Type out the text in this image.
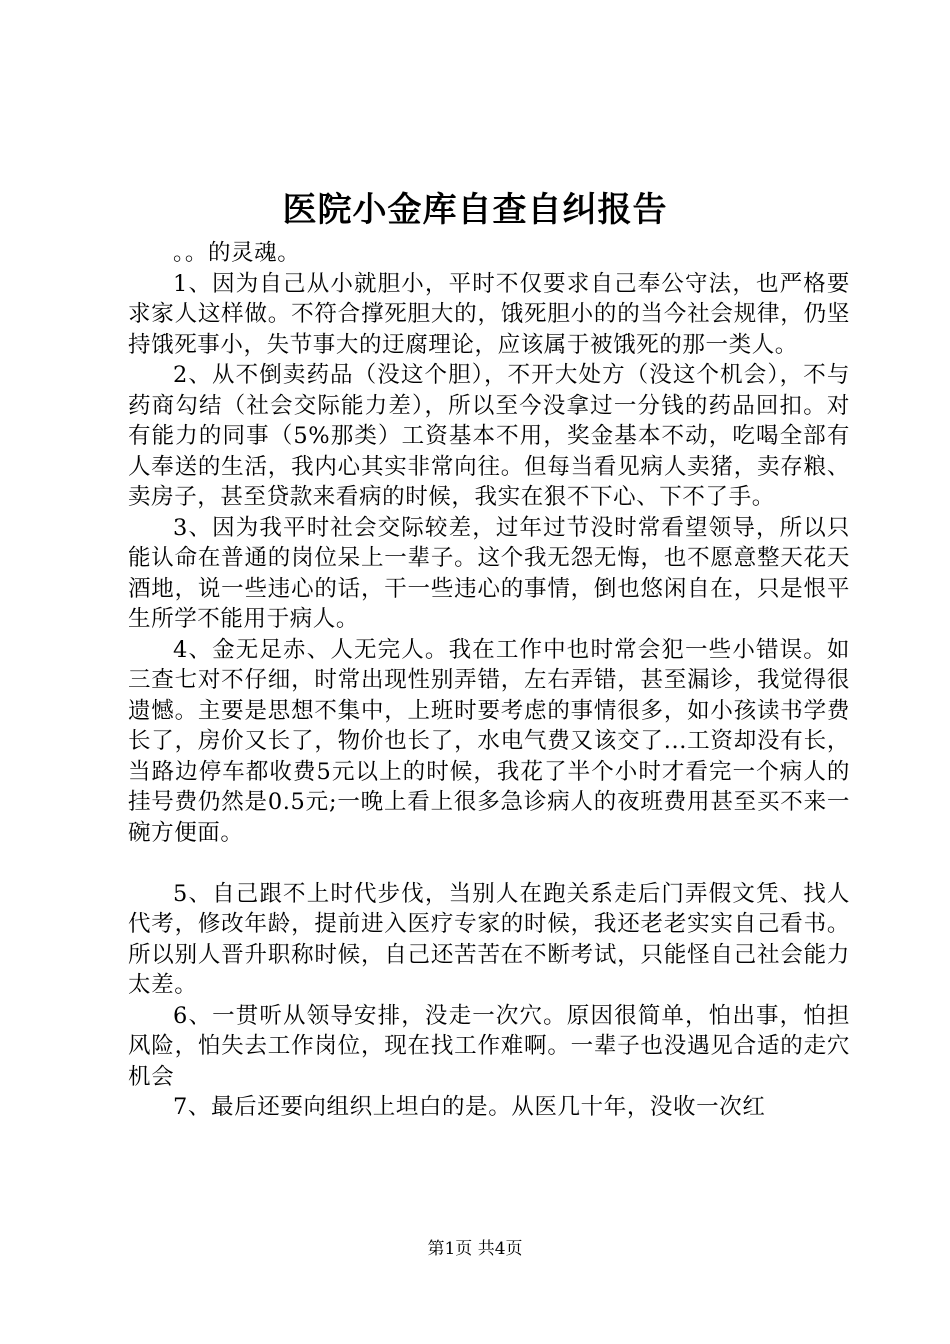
医院小金库自查自纠报告

。。的灵魂。

1、因为自己从小就胆小，平时不仅要求自己奉公守法，也严格要求家人这样做。不符合撑死胆大的，饿死胆小的的当今社会规律，仍坚持饿死事小，失节事大的迂腐理论，应该属于被饿死的那一类人。

2、从不倒卖药品（没这个胆），不开大处方（没这个机会），不与药商勾结（社会交际能力差），所以至今没拿过一分钱的药品回扣。对有能力的同事（5%那类）工资基本不用，奖金基本不动，吃喝全部有人奉送的生活，我内心其实非常向往。但每当看见病人卖猪，卖存粮、卖房子，甚至贷款来看病的时候，我实在狠不下心、下不了手。

3、因为我平时社会交际较差，过年过节没时常看望领导，所以只能认命在普通的岗位呆上一辈子。这个我无怨无悔，也不愿意整天花天酒地，说一些违心的话，干一些违心的事情，倒也悠闲自在，只是恨平生所学不能用于病人。

4、金无足赤、人无完人。我在工作中也时常会犯一些小错误。如三查七对不仔细，时常出现性别弄错，左右弄错，甚至漏诊，我觉得很遗憾。主要是思想不集中，上班时要考虑的事情很多，如小孩读书学费长了，房价又长了，物价也长了，水电气费又该交了...工资却没有长，当路边停车都收费5元以上的时候，我花了半个小时才看完一个病人的挂号费仍然是0.5元;一晚上看上很多急诊病人的夜班费用甚至买不来一碗方便面。

5、自己跟不上时代步伐，当别人在跑关系走后门弄假文凭、找人代考，修改年龄，提前进入医疗专家的时候，我还老老实实自己看书。所以别人晋升职称时候，自己还苦苦在不断考试，只能怪自己社会能力太差。

6、一贯听从领导安排，没走一次穴。原因很简单，怕出事，怕担风险，怕失去工作岗位，现在找工作难啊。一辈子也没遇见合适的走穴机会

7、最后还要向组织上坦白的是。从医几十年，没收一次红

第1页 共4页
